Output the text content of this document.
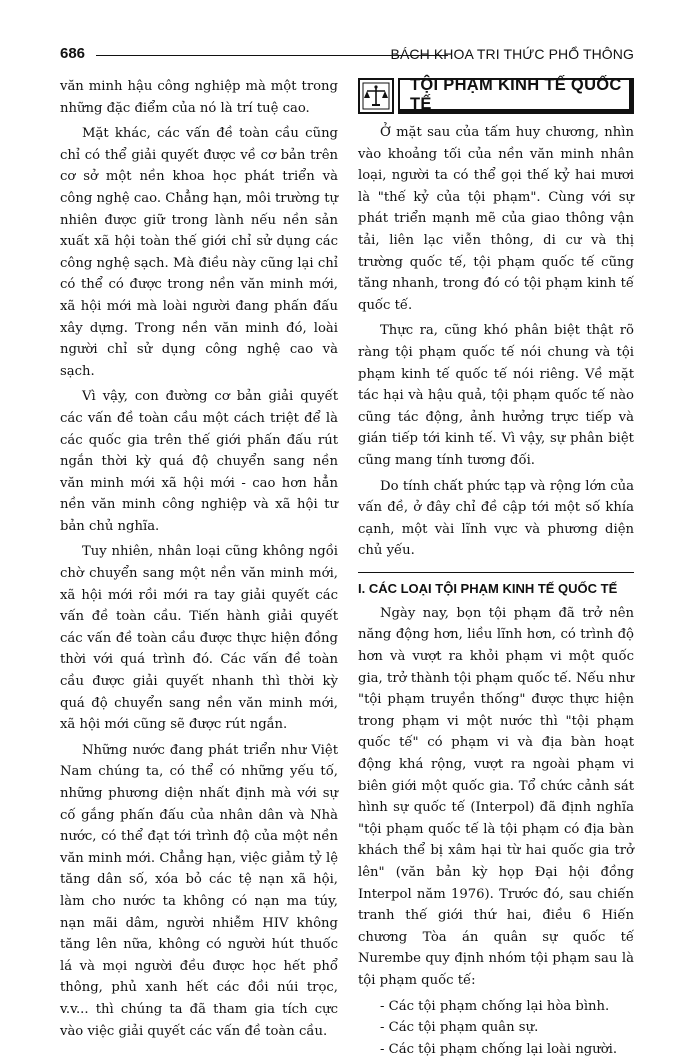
686	BÁCH KHOA TRI THỨC PHỔ THÔNG

văn minh hậu công nghiệp mà một trong những đặc điểm của nó là trí tuệ cao.

Mặt khác, các vấn đề toàn cầu cũng chỉ có thể giải quyết được về cơ bản trên cơ sở một nền khoa học phát triển và công nghệ cao. Chẳng hạn, môi trường tự nhiên được giữ trong lành nếu nền sản xuất xã hội toàn thế giới chỉ sử dụng các công nghệ sạch. Mà điều này cũng lại chỉ có thể có được trong nền văn minh mới, xã hội mới mà loài người đang phấn đấu xây dựng. Trong nền văn minh đó, loài người chỉ sử dụng công nghệ cao và sạch.

Vì vậy, con đường cơ bản giải quyết các vấn đề toàn cầu một cách triệt để là các quốc gia trên thế giới phấn đấu rút ngắn thời kỳ quá độ chuyển sang nền văn minh mới xã hội mới - cao hơn hẳn nền văn minh công nghiệp và xã hội tư bản chủ nghĩa.

Tuy nhiên, nhân loại cũng không ngồi chờ chuyển sang một nền văn minh mới, xã hội mới rồi mới ra tay giải quyết các vấn đề toàn cầu. Tiến hành giải quyết các vấn đề toàn cầu được thực hiện đồng thời với quá trình đó. Các vấn đề toàn cầu được giải quyết nhanh thì thời kỳ quá độ chuyển sang nền văn minh mới, xã hội mới cũng sẽ được rút ngắn.

Những nước đang phát triển như Việt Nam chúng ta, có thể có những yếu tố, những phương diện nhất định mà với sự cố gắng phấn đấu của nhân dân và Nhà nước, có thể đạt tới trình độ của một nền văn minh mới. Chẳng hạn, việc giảm tỷ lệ tăng dân số, xóa bỏ các tệ nạn xã hội, làm cho nước ta không có nạn ma túy, nạn mãi dâm, người nhiễm HIV không tăng lên nữa, không có người hút thuốc lá và mọi người đều được học hết phổ thông, phủ xanh hết các đồi núi trọc, v.v... thì chúng ta đã tham gia tích cực vào việc giải quyết các vấn đề toàn cầu.

TỘI PHẠM KINH TẾ QUỐC TẾ

Ở mặt sau của tấm huy chương, nhìn vào khoảng tối của nền văn minh nhân loại, người ta có thể gọi thế kỷ hai mươi là "thế kỷ của tội phạm". Cùng với sự phát triển mạnh mẽ của giao thông vận tải, liên lạc viễn thông, di cư và thị trường quốc tế, tội phạm quốc tế cũng tăng nhanh, trong đó có tội phạm kinh tế quốc tế.

Thực ra, cũng khó phân biệt thật rõ ràng tội phạm quốc tế nói chung và tội phạm kinh tế quốc tế nói riêng. Về mặt tác hại và hậu quả, tội phạm quốc tế nào cũng tác động, ảnh hưởng trực tiếp và gián tiếp tới kinh tế. Vì vậy, sự phân biệt cũng mang tính tương đối.

Do tính chất phức tạp và rộng lớn của vấn đề, ở đây chỉ đề cập tới một số khía cạnh, một vài lĩnh vực và phương diện chủ yếu.

I. CÁC LOẠI TỘI PHẠM KINH TẾ QUỐC TẾ

Ngày nay, bọn tội phạm đã trở nên năng động hơn, liều lĩnh hơn, có trình độ hơn và vượt ra khỏi phạm vi một quốc gia, trở thành tội phạm quốc tế. Nếu như "tội phạm truyền thống" được thực hiện trong phạm vi một nước thì "tội phạm quốc tế" có phạm vi và địa bàn hoạt động khá rộng, vượt ra ngoài phạm vi biên giới một quốc gia. Tổ chức cảnh sát hình sự quốc tế (Interpol) đã định nghĩa "tội phạm quốc tế là tội phạm có địa bàn khách thể bị xâm hại từ hai quốc gia trở lên" (văn bản kỳ họp Đại hội đồng Interpol năm 1976). Trước đó, sau chiến tranh thế giới thứ hai, điều 6 Hiến chương Tòa án quân sự quốc tế Nurembe quy định nhóm tội phạm sau là tội phạm quốc tế:

- Các tội phạm chống lại hòa bình.
- Các tội phạm quân sự.
- Các tội phạm chống lại loài người.
